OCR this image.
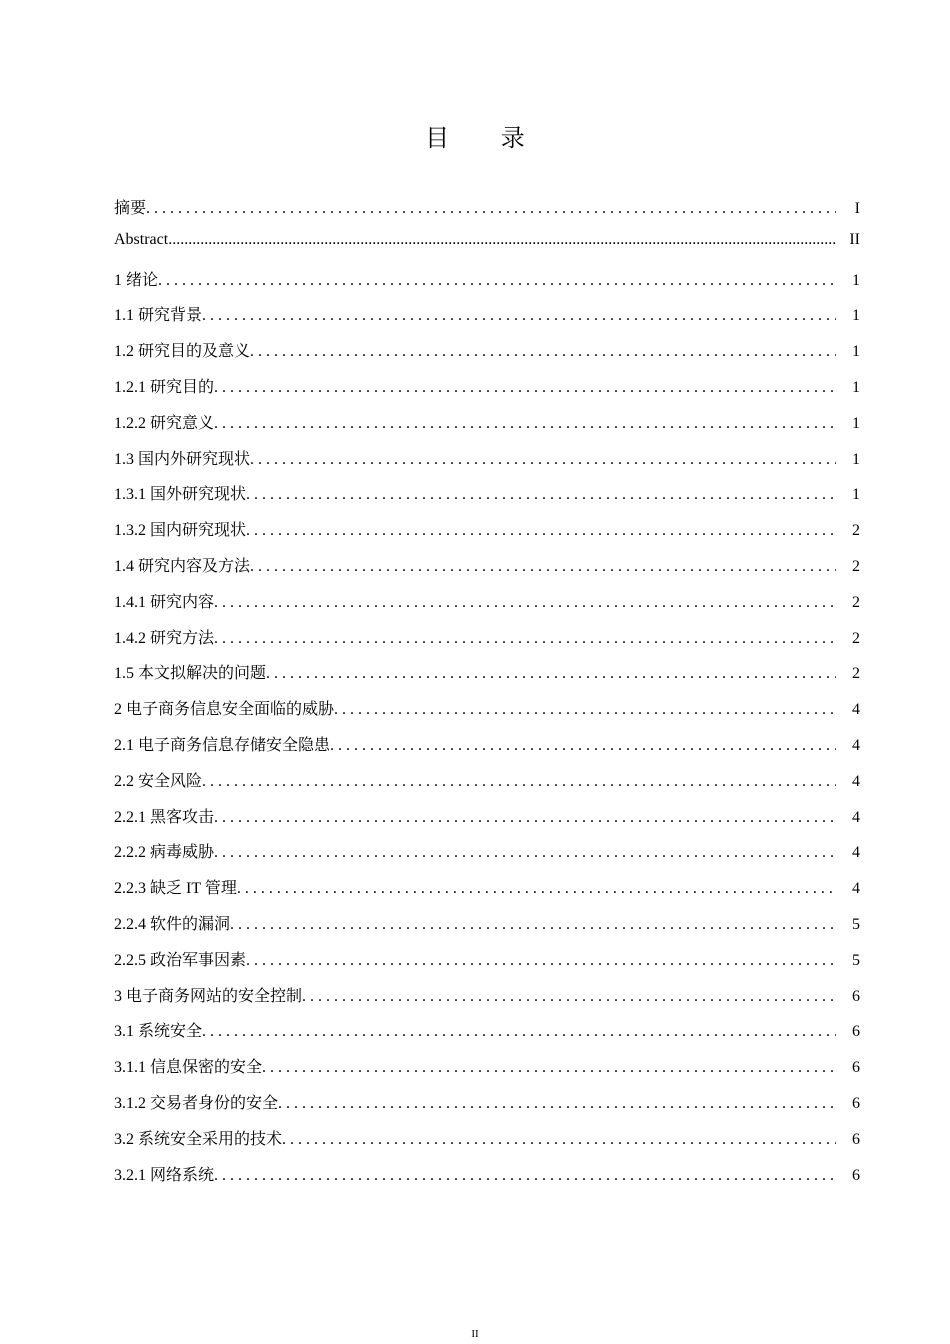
目 录
摘要 . . .	I
Abstract .....	II
1 绪论 . . .	1
1.1 研究背景 . . .	1
1.2 研究目的及意义 . . .	1
1.2.1 研究目的 . . .	1
1.2.2 研究意义 . . .	1
1.3 国内外研究现状 . . .	1
1.3.1 国外研究现状 . . .	1
1.3.2 国内研究现状 . . .	2
1.4 研究内容及方法 . . .	2
1.4.1 研究内容 . . .	2
1.4.2 研究方法 . . .	2
1.5 本文拟解决的问题 . . .	2
2 电子商务信息安全面临的威胁 . . .	4
2.1 电子商务信息存储安全隐患 . . .	4
2.2 安全风险 . . .	4
2.2.1 黑客攻击 . . .	4
2.2.2 病毒威胁 . . .	4
2.2.3 缺乏 IT 管理 . . .	4
2.2.4 软件的漏洞 . . .	5
2.2.5 政治军事因素 . . .	5
3 电子商务网站的安全控制 . . .	6
3.1 系统安全 . . .	6
3.1.1 信息保密的安全 . . .	6
3.1.2 交易者身份的安全 . . .	6
3.2 系统安全采用的技术 . . .	6
3.2.1 网络系统 . . .	6
II
